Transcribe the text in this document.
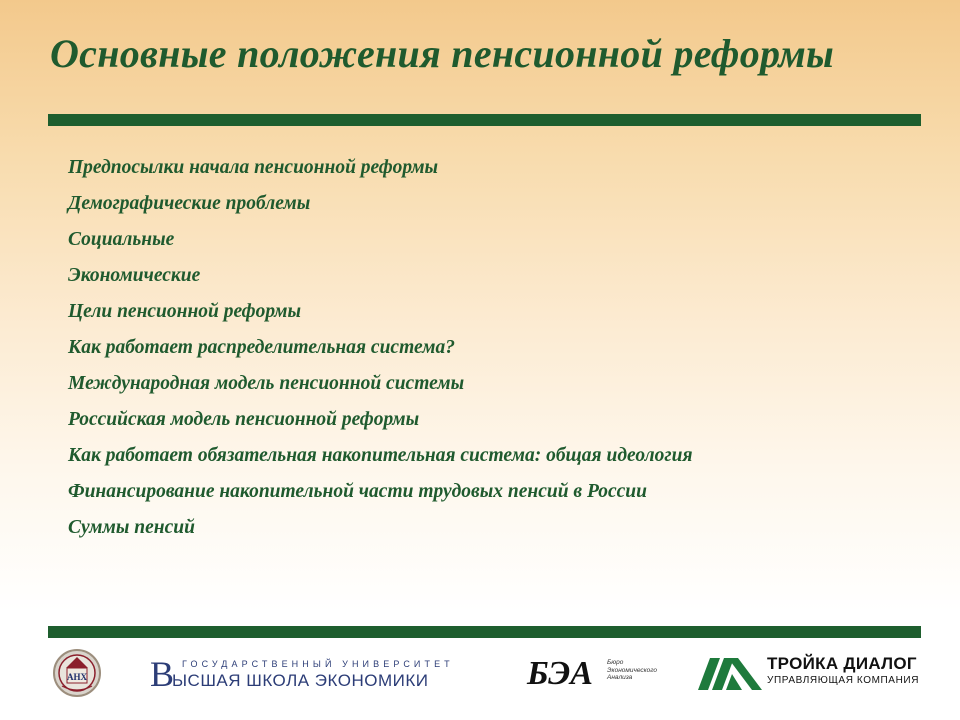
Основные положения пенсионной реформы
Предпосылки начала пенсионной реформы
Демографические проблемы
Социальные
Экономические
Цели пенсионной реформы
Как работает распределительная система?
Международная модель пенсионной системы
Российская модель пенсионной реформы
Как работает обязательная накопительная система: общая идеология
Финансирование накопительной части трудовых пенсий в России
Суммы пенсий
АНХ В ГОСУДАРСТВЕННЫЙ УНИВЕРСИТЕТ
ЫСШАЯ ШКОЛА ЭКОНОМИКИ	БЭА Бюро
Экономического
Анализа
ТРОЙКА ДИАЛОГ
УПРАВЛЯЮЩАЯ КОМПАНИЯ
